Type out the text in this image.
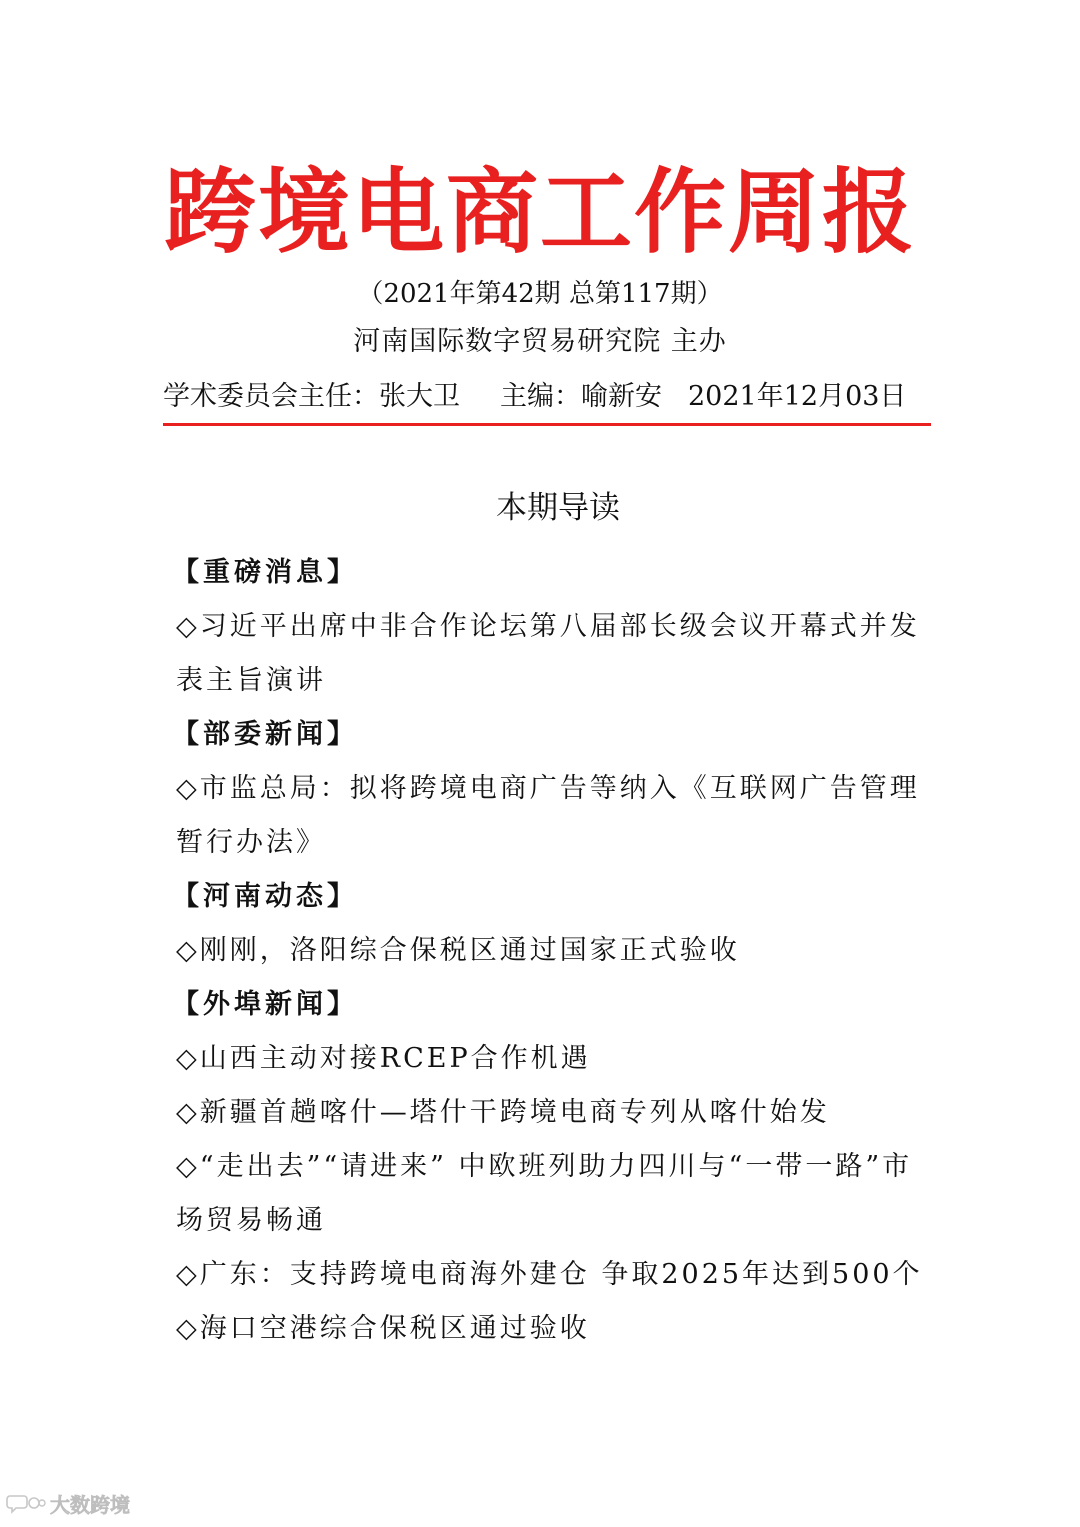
跨境电商工作周报
（2021年第42期 总第117期）
河南国际数字贸易研究院 主办
学术委员会主任：张大卫 主编：喻新安 2021年12月03日
本期导读
【重磅消息】
◇习近平出席中非合作论坛第八届部长级会议开幕式并发表主旨演讲
【部委新闻】
◇市监总局：拟将跨境电商广告等纳入《互联网广告管理暂行办法》
【河南动态】
◇刚刚，洛阳综合保税区通过国家正式验收
【外埠新闻】
◇山西主动对接RCEP合作机遇
◇新疆首趟喀什—塔什干跨境电商专列从喀什始发
◇“走出去”“请进来” 中欧班列助力四川与“一带一路”市场贸易畅通
◇广东：支持跨境电商海外建仓 争取2025年达到500个
◇海口空港综合保税区通过验收
大数跨境
